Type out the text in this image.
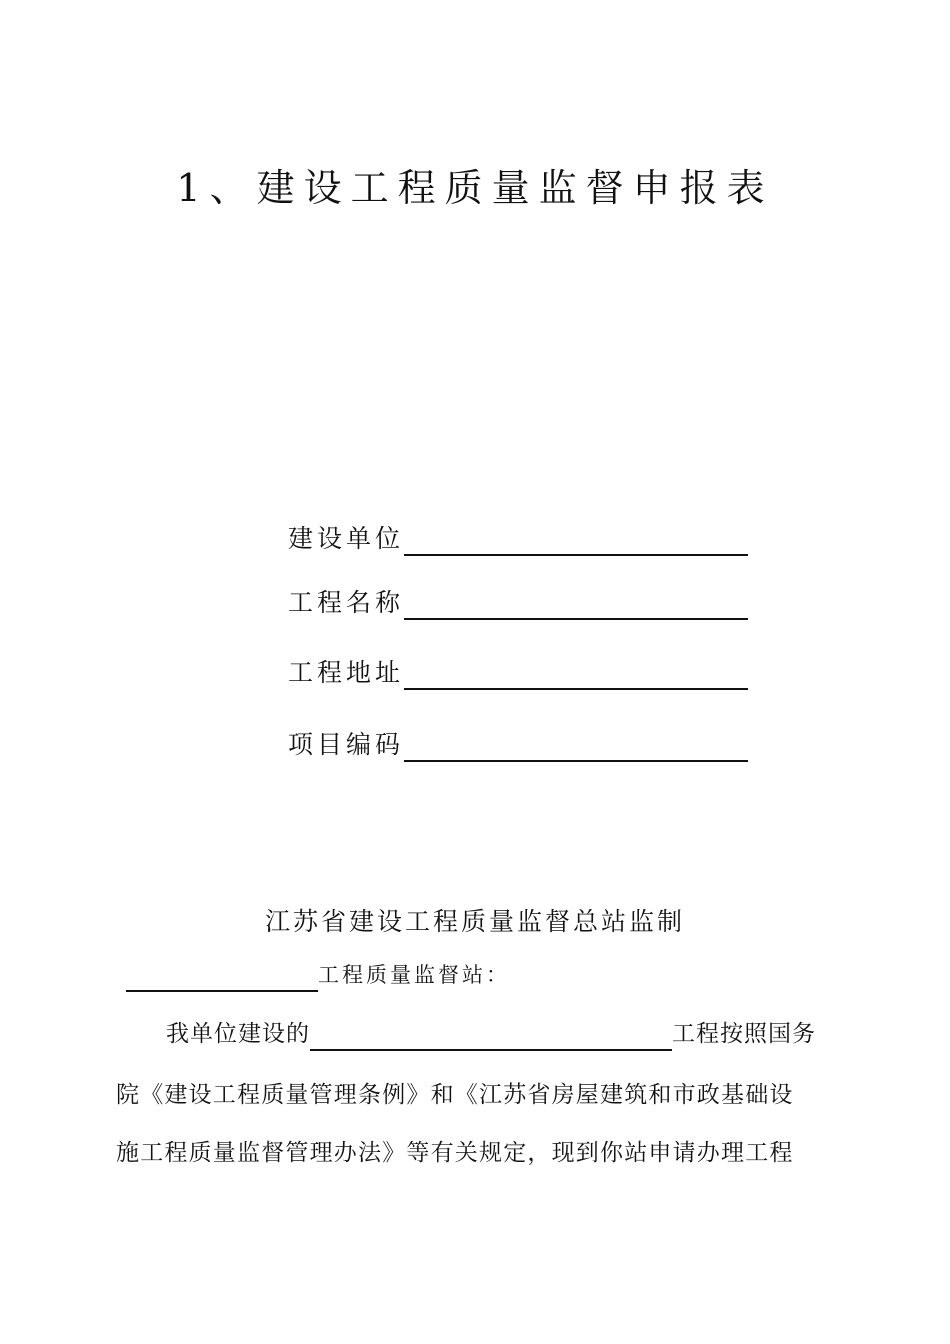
1、建设工程质量监督申报表
建设单位
工程名称
工程地址
项目编码
江苏省建设工程质量监督总站监制
工程质量监督站：
我单位建设的	工程按照国务
院《建设工程质量管理条例》和《江苏省房屋建筑和市政基础设
施工程质量监督管理办法》等有关规定，现到你站申请办理工程
